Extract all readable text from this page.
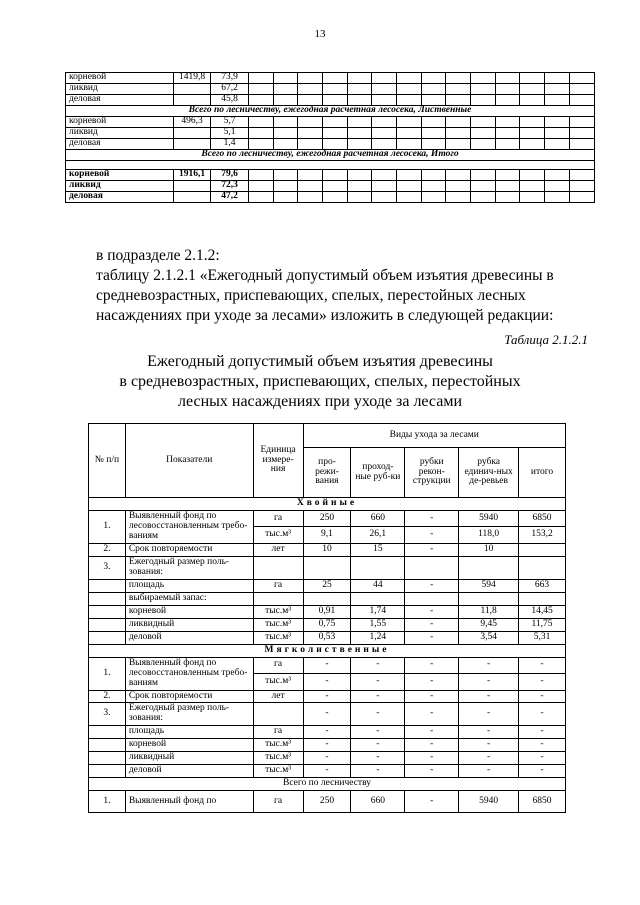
13
корневой	1419,8	73,9														
ликвид		67,2														
деловая		45,8														
Всего по лесничеству, ежегодная расчетная лесосека, Лиственные																
корневой	496,3	5,7														
ликвид		5,1														
деловая		1,4														
Всего по лесничеству, ежегодная расчетная лесосека, Итого																

корневой	1916,1	79,6														
ликвид		72,3														
деловая		47,2														

в подразделе 2.1.2:

таблицу 2.1.2.1 «Ежегодный допустимый объем изъятия древесины в средневозрастных, приспевающих, спелых, перестойных лесных насаждениях при уходе за лесами» изложить в следующей редакции:

Таблица 2.1.2.1
Ежегодный допустимый объем изъятия древесины
в средневозрастных, приспевающих, спелых, перестойных
лесных насаждениях при уходе за лесами
№ п/п	Показатели	Единица измере-ния	Виды ухода за лесами				
			про-режи-вания	проход-ные руб-ки	рубки рекон-струкции	рубка единич-ных де-ревьев	итого
Хвойные							
1.	Выявленный фонд по лесовосстановленным требо-ваниям	га	250	660	-	5940	6850
		тыс.м³	9,1	26,1	-	118,0	153,2
2.	Срок повторяемости	лет	10	15	-	10	
3.	Ежегодный размер поль-зования:						
	площадь	га	25	44	-	594	663
	выбираемый запас:						
	корневой	тыс.м³	0,91	1,74	-	11,8	14,45
	ликвидный	тыс.м³	0,75	1,55	-	9,45	11,75
	деловой	тыс.м³	0,53	1,24	-	3,54	5,31
Мягколиственные							
1.	Выявленный фонд по лесовосстановленным требо-ваниям	га	-	-	-	-	-
		тыс.м³	-	-	-	-	-
2.	Срок повторяемости	лет	-	-	-	-	-
3.	Ежегодный размер поль-зования:		-	-	-	-	-
	площадь	га	-	-	-	-	-
	корневой	тыс.м³	-	-	-	-	-
	ликвидный	тыс.м³	-	-	-	-	-
	деловой	тыс.м³	-	-	-	-	-
Всего по лесничеству							
1.	Выявленный фонд по	га	250	660	-	5940	6850
